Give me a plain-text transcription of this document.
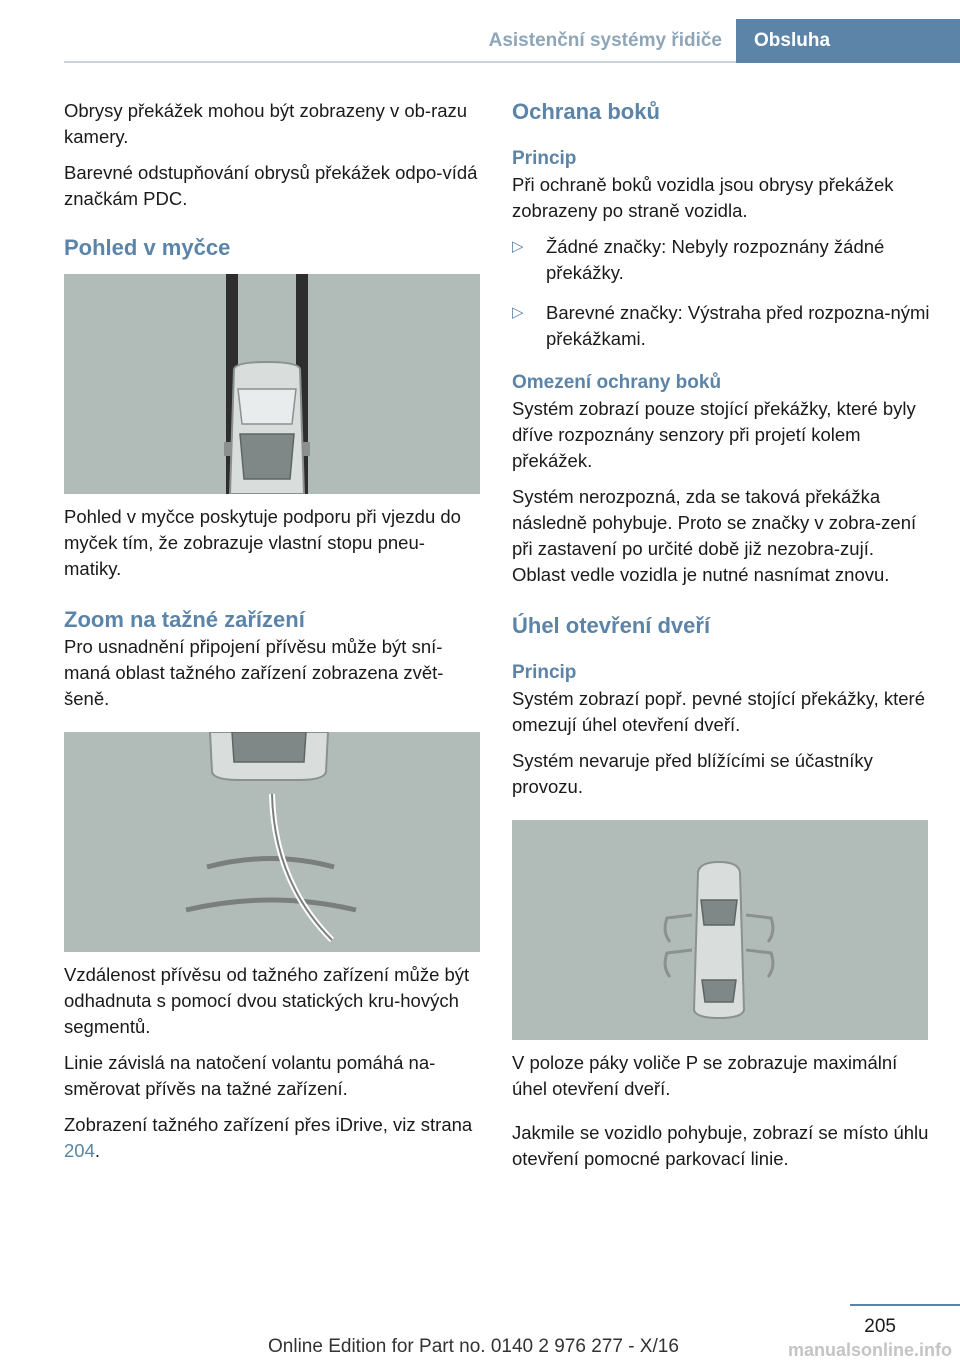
Asistenční systémy řidiče	Obsluha

Obrysy překážek mohou být zobrazeny v ob‐razu kamery.

Barevné odstupňování obrysů překážek odpo‐vídá značkám PDC.

Pohled v myčce

Pohled v myčce poskytuje podporu při vjezdu do myček tím, že zobrazuje vlastní stopu pneu‐matiky.

Zoom na tažné zařízení

Pro usnadnění připojení přívěsu může být sní‐maná oblast tažného zařízení zobrazena zvět‐šeně.

Vzdálenost přívěsu od tažného zařízení může být odhadnuta s pomocí dvou statických kru‐hových segmentů.

Linie závislá na natočení volantu pomáhá na‐směrovat přívěs na tažné zařízení.

Zobrazení tažného zařízení přes iDrive, viz strana 204.

Ochrana boků
Princip

Při ochraně boků vozidla jsou obrysy překážek zobrazeny po straně vozidla.

▷ Žádné značky: Nebyly rozpoznány žádné překážky.
▷ Barevné značky: Výstraha před rozpozna‐nými překážkami.
Omezení ochrany boků

Systém zobrazí pouze stojící překážky, které byly dříve rozpoznány senzory při projetí kolem překážek.

Systém nerozpozná, zda se taková překážka následně pohybuje. Proto se značky v zobra‐zení při zastavení po určité době již nezobra‐zují. Oblast vedle vozidla je nutné nasnímat znovu.

Úhel otevření dveří
Princip

Systém zobrazí popř. pevné stojící překážky, které omezují úhel otevření dveří.

Systém nevaruje před blížícími se účastníky provozu.

V poloze páky voliče P se zobrazuje maximální úhel otevření dveří.

Jakmile se vozidlo pohybuje, zobrazí se místo úhlu otevření pomocné parkovací linie.

205
Online Edition for Part no. 0140 2 976 277 - X/16	manualsonline.info
